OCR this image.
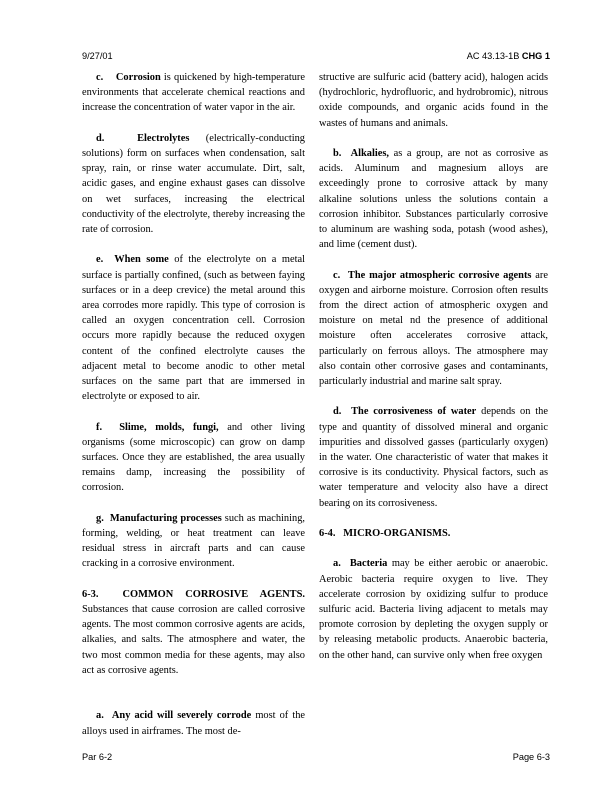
9/27/01	AC 43.13-1B CHG 1

c. Corrosion is quickened by high-temperature environments that accelerate chemical reactions and increase the concentration of water vapor in the air.

d.	Electrolytes (electrically-conducting solutions) form on surfaces when condensation, salt spray, rain, or rinse water accumulate. Dirt, salt, acidic gases, and engine exhaust gases can dissolve on wet surfaces, increasing the electrical conductivity of the electrolyte, thereby increasing the rate of corrosion.

e. When some of the electrolyte on a metal surface is partially confined, (such as between faying surfaces or in a deep crevice) the metal around this area corrodes more rapidly. This type of corrosion is called an oxygen concentration cell. Corrosion occurs more rapidly because the reduced oxygen content of the confined electrolyte causes the adjacent metal to become anodic to other metal surfaces on the same part that are immersed in electrolyte or exposed to air.

f. Slime, molds, fungi, and other living organisms (some microscopic) can grow on damp surfaces. Once they are established, the area usually remains damp, increasing the possibility of corrosion.

g. Manufacturing processes such as machining, forming, welding, or heat treatment can leave residual stress in aircraft parts and can cause cracking in a corrosive environment.

6-3. COMMON CORROSIVE AGENTS. Substances that cause corrosion are called corrosive agents. The most common corrosive agents are acids, alkalies, and salts. The atmosphere and water, the two most common media for these agents, may also act as corrosive agents.

a. Any acid will severely corrode most of the alloys used in airframes. The most de-

structive are sulfuric acid (battery acid), halogen acids (hydrochloric, hydrofluoric, and hydrobromic), nitrous oxide compounds, and organic acids found in the wastes of humans and animals.

b. Alkalies, as a group, are not as corrosive as acids. Aluminum and magnesium alloys are exceedingly prone to corrosive attack by many alkaline solutions unless the solutions contain a corrosion inhibitor. Substances particularly corrosive to aluminum are washing soda, potash (wood ashes), and lime (cement dust).

c. The major atmospheric corrosive agents are oxygen and airborne moisture. Corrosion often results from the direct action of atmospheric oxygen and moisture on metal nd the presence of additional moisture often accelerates corrosive attack, particularly on ferrous alloys. The atmosphere may also contain other corrosive gases and contaminants, particularly industrial and marine salt spray.

d. The corrosiveness of water depends on the type and quantity of dissolved mineral and organic impurities and dissolved gasses (particularly oxygen) in the water. One characteristic of water that makes it corrosive is its conductivity. Physical factors, such as water temperature and velocity also have a direct bearing on its corrosiveness.

6-4. MICRO-ORGANISMS.

a. Bacteria may be either aerobic or anaerobic. Aerobic bacteria require oxygen to live. They accelerate corrosion by oxidizing sulfur to produce sulfuric acid. Bacteria living adjacent to metals may promote corrosion by depleting the oxygen supply or by releasing metabolic products. Anaerobic bacteria, on the other hand, can survive only when free oxygen

Par 6-2	Page 6-3
